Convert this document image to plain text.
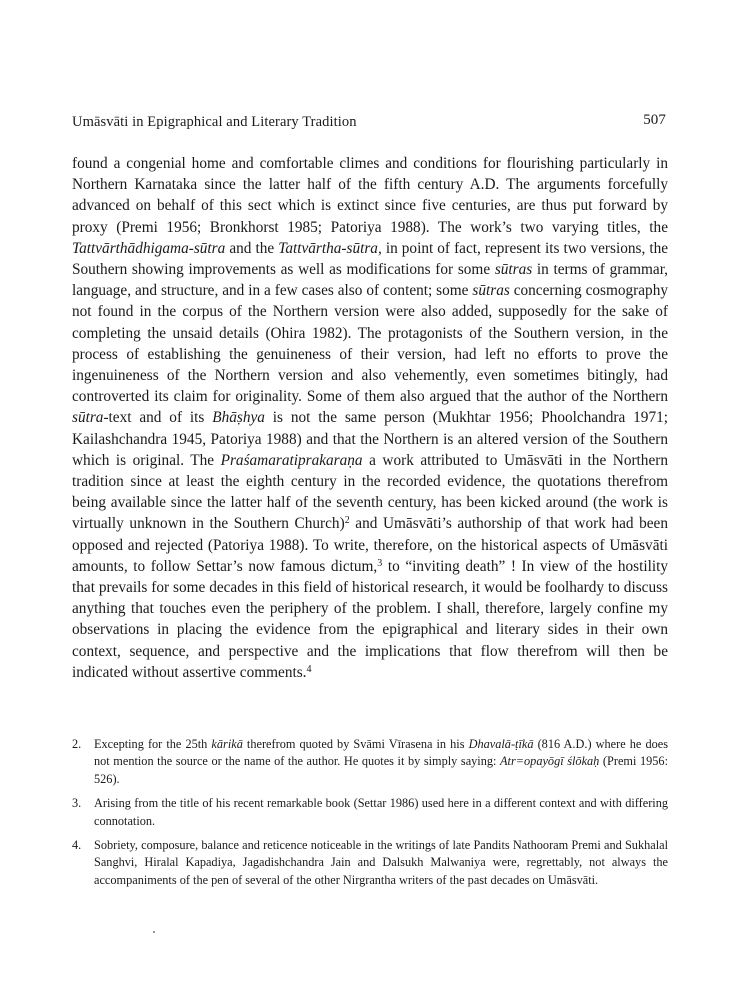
Umāsvāti in Epigraphical and Literary Tradition	507

found a congenial home and comfortable climes and conditions for flourishing particularly in Northern Karnataka since the latter half of the fifth century A.D. The arguments forcefully advanced on behalf of this sect which is extinct since five centuries, are thus put forward by proxy (Premi 1956; Bronkhorst 1985; Patoriya 1988). The work’s two varying titles, the Tattvārthādhigama-sūtra and the Tattvārtha-sūtra, in point of fact, represent its two versions, the Southern showing improvements as well as modifications for some sūtras in terms of grammar, language, and structure, and in a few cases also of content; some sūtras concerning cosmography not found in the corpus of the Northern version were also added, supposedly for the sake of completing the unsaid details (Ohira 1982). The protagonists of the Southern version, in the process of establishing the genuineness of their version, had left no efforts to prove the ingenuineness of the Northern version and also vehemently, even sometimes bitingly, had controverted its claim for originality. Some of them also argued that the author of the Northern sūtra-text and of its Bhāṣhya is not the same person (Mukhtar 1956; Phoolchandra 1971; Kailashchandra 1945, Patoriya 1988) and that the Northern is an altered version of the Southern which is original. The Praśamaratiprakaraṇa a work attributed to Umāsvāti in the Northern tradition since at least the eighth century in the recorded evidence, the quotations therefrom being available since the latter half of the seventh century, has been kicked around (the work is virtually unknown in the Southern Church)$^2$ and Umāsvāti’s authorship of that work had been opposed and rejected (Patoriya 1988). To write, therefore, on the historical aspects of Umāsvāti amounts, to follow Settar’s now famous dictum,$^3$ to “inviting death” ! In view of the hostility that prevails for some decades in this field of historical research, it would be foolhardy to discuss anything that touches even the periphery of the problem. I shall, therefore, largely confine my observations in placing the evidence from the epigraphical and literary sides in their own context, sequence, and perspective and the implications that flow therefrom will then be indicated without assertive comments.$^4$

2. Excepting for the 25th kārikā therefrom quoted by Svāmi Vīrasena in his Dhavalā-ṭīkā (816 A.D.) where he does not mention the source or the name of the author. He quotes it by simply saying: Atr=opayōgī ślōkaḥ (Premi 1956: 526).
3. Arising from the title of his recent remarkable book (Settar 1986) used here in a different context and with differing connotation.
4. Sobriety, composure, balance and reticence noticeable in the writings of late Pandits Nathooram Premi and Sukhalal Sanghvi, Hiralal Kapadiya, Jagadishchandra Jain and Dalsukh Malwaniya were, regrettably, not always the accompaniments of the pen of several of the other Nirgrantha writers of the past decades on Umāsvāti.
